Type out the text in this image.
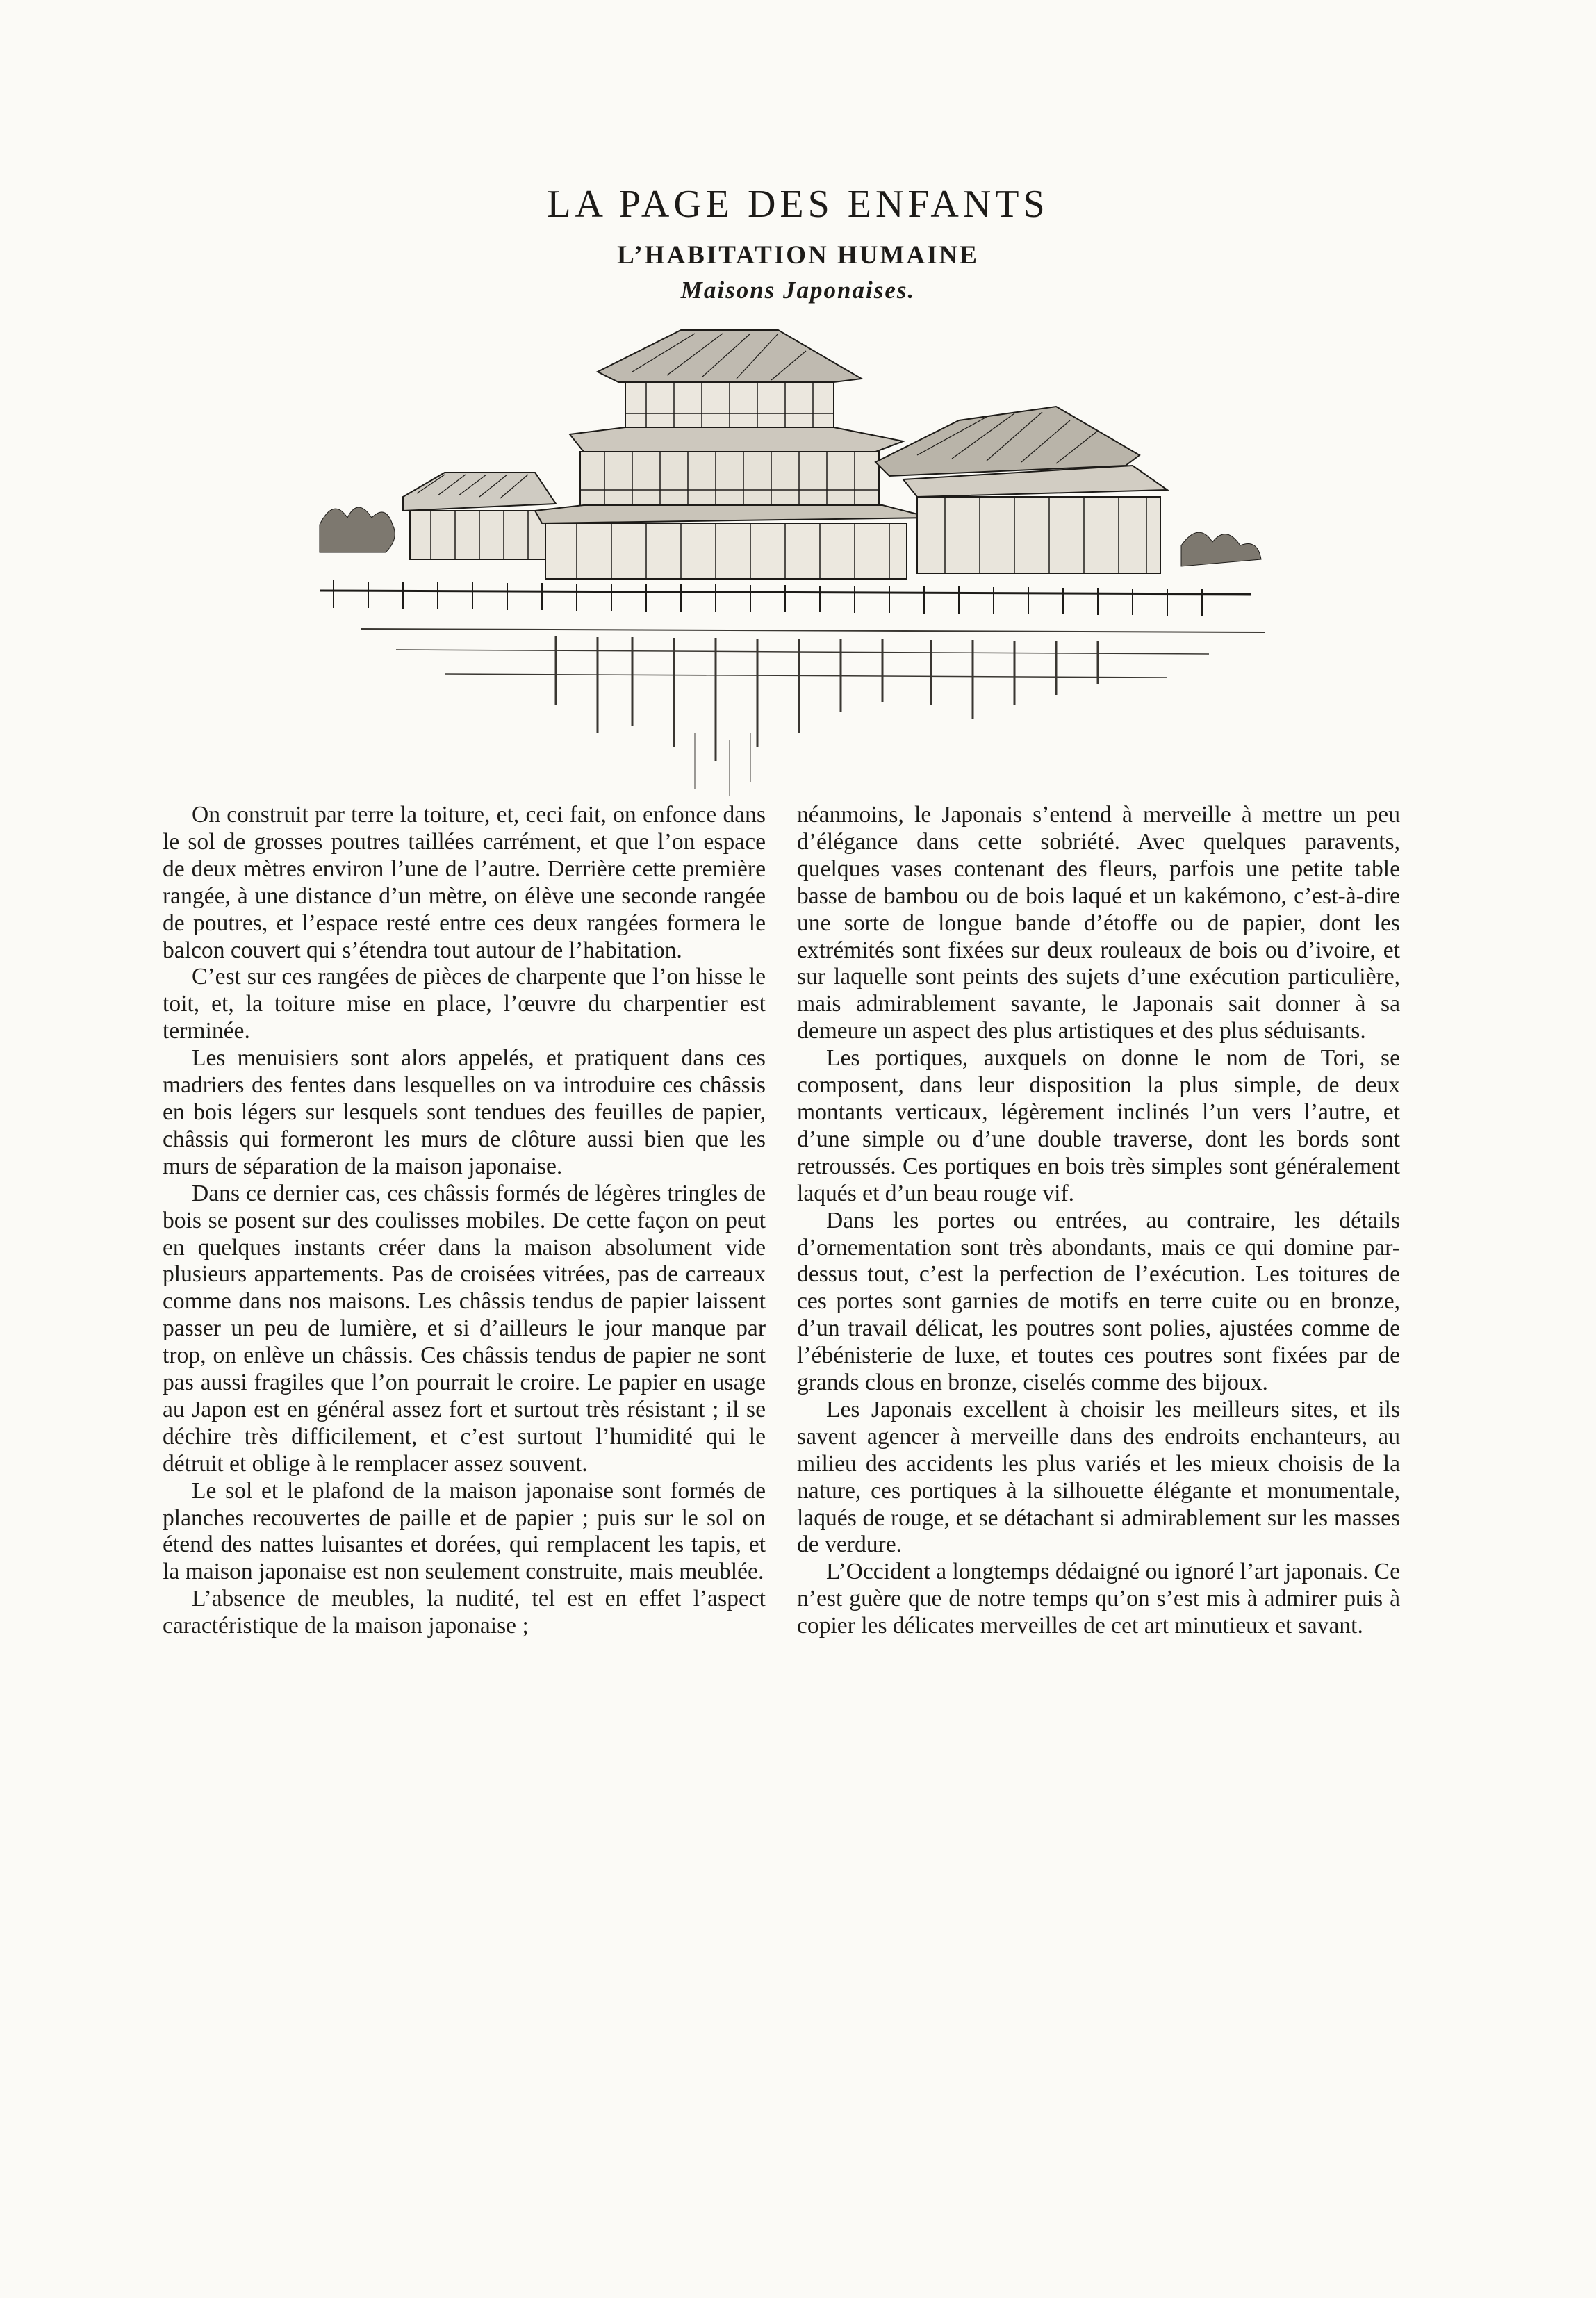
LA PAGE DES ENFANTS
L’HABITATION HUMAINE
Maisons Japonaises.

On construit par terre la toiture, et, ceci fait, on enfonce dans le sol de grosses poutres taillées carrément, et que l’on espace de deux mètres environ l’une de l’autre. Derrière cette première rangée, à une distance d’un mètre, on élève une seconde rangée de poutres, et l’espace resté entre ces deux rangées formera le balcon couvert qui s’étendra tout autour de l’habitation.

C’est sur ces rangées de pièces de charpente que l’on hisse le toit, et, la toiture mise en place, l’œuvre du charpentier est terminée.

Les menuisiers sont alors appelés, et pratiquent dans ces madriers des fentes dans lesquelles on va introduire ces châssis en bois légers sur lesquels sont tendues des feuilles de papier, châssis qui formeront les murs de clôture aussi bien que les murs de séparation de la maison japonaise.

Dans ce dernier cas, ces châssis formés de légères tringles de bois se posent sur des coulisses mobiles. De cette façon on peut en quelques instants créer dans la maison absolument vide plusieurs appartements. Pas de croisées vitrées, pas de carreaux comme dans nos maisons. Les châssis tendus de papier laissent passer un peu de lumière, et si d’ailleurs le jour manque par trop, on enlève un châssis. Ces châssis tendus de papier ne sont pas aussi fragiles que l’on pourrait le croire. Le papier en usage au Japon est en général assez fort et surtout très résistant ; il se déchire très difficilement, et c’est surtout l’humidité qui le détruit et oblige à le remplacer assez souvent.

Le sol et le plafond de la maison japonaise sont formés de planches recouvertes de paille et de papier ; puis sur le sol on étend des nattes luisantes et dorées, qui remplacent les tapis, et la maison japonaise est non seulement construite, mais meublée.

L’absence de meubles, la nudité, tel est en effet l’aspect caractéristique de la maison japonaise ;

néanmoins, le Japonais s’entend à merveille à mettre un peu d’élégance dans cette sobriété. Avec quelques paravents, quelques vases contenant des fleurs, parfois une petite table basse de bambou ou de bois laqué et un kakémono, c’est-à-dire une sorte de longue bande d’étoffe ou de papier, dont les extrémités sont fixées sur deux rouleaux de bois ou d’ivoire, et sur laquelle sont peints des sujets d’une exécution particulière, mais admirablement savante, le Japonais sait donner à sa demeure un aspect des plus artistiques et des plus séduisants.

Les portiques, auxquels on donne le nom de Tori, se composent, dans leur disposition la plus simple, de deux montants verticaux, légèrement inclinés l’un vers l’autre, et d’une simple ou d’une double traverse, dont les bords sont retroussés. Ces portiques en bois très simples sont généralement laqués et d’un beau rouge vif.

Dans les portes ou entrées, au contraire, les détails d’ornementation sont très abondants, mais ce qui domine par-dessus tout, c’est la perfection de l’exécution. Les toitures de ces portes sont garnies de motifs en terre cuite ou en bronze, d’un travail délicat, les poutres sont polies, ajustées comme de l’ébénisterie de luxe, et toutes ces poutres sont fixées par de grands clous en bronze, ciselés comme des bijoux.

Les Japonais excellent à choisir les meilleurs sites, et ils savent agencer à merveille dans des endroits enchanteurs, au milieu des accidents les plus variés et les mieux choisis de la nature, ces portiques à la silhouette élégante et monumentale, laqués de rouge, et se détachant si admirablement sur les masses de verdure.

L’Occident a longtemps dédaigné ou ignoré l’art japonais. Ce n’est guère que de notre temps qu’on s’est mis à admirer puis à copier les délicates merveilles de cet art minutieux et savant.
